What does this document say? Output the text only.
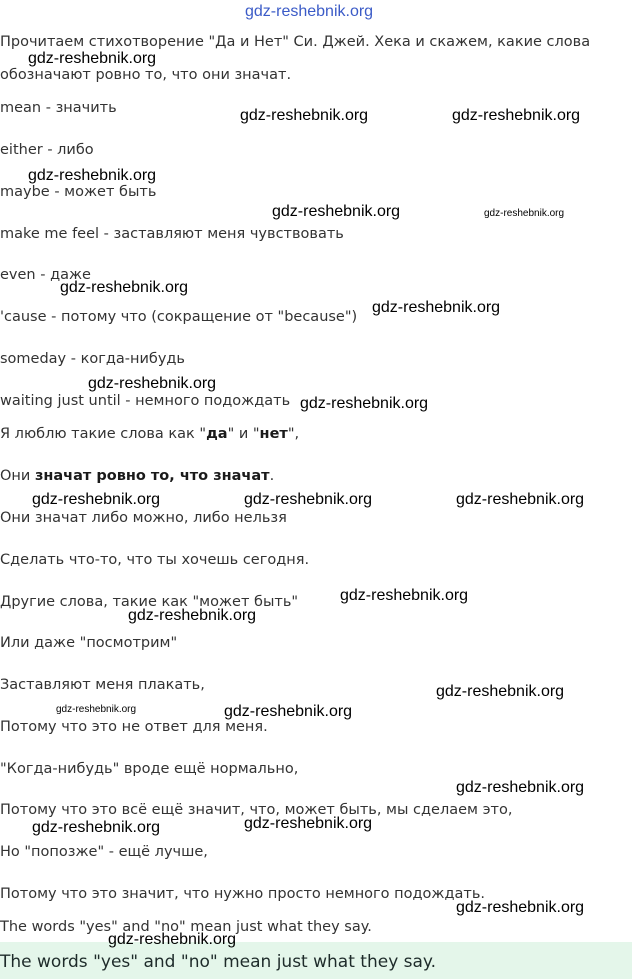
Прочитаем стихотворение "Да и Нет" Си. Джей. Хека и скажем, какие слова
обозначают ровно то, что они значат.
mean - значить
either - либо
maybe - может быть
make me feel - заставляют меня чувствовать
even - даже
'cause - потому что (сокращение от "because")
someday - когда-нибудь
waiting just until - немного подождать
Я люблю такие слова как "да" и "нет",
Они значат ровно то, что значат.
Они значат либо можно, либо нельзя
Сделать что-то, что ты хочешь сегодня.
Другие слова, такие как "может быть"
Или даже "посмотрим"
Заставляют меня плакать,
Потому что это не ответ для меня.
"Когда-нибудь" вроде ещё нормально,
Потому что это всё ещё значит, что, может быть, мы сделаем это,
Но "попозже" - ещё лучше,
Потому что это значит, что нужно просто немного подождать.
The words "yes" and "no" mean just what they say.
The words "yes" and "no" mean just what they say.
gdz-reshebnik.org
gdz-reshebnik.org
gdz-reshebnik.org	gdz-reshebnik.org
gdz-reshebnik.org
gdz-reshebnik.org	gdz-reshebnik.org
gdz-reshebnik.org
gdz-reshebnik.org
gdz-reshebnik.org
gdz-reshebnik.org
gdz-reshebnik.org	gdz-reshebnik.org	gdz-reshebnik.org
gdz-reshebnik.org
gdz-reshebnik.org
gdz-reshebnik.org
gdz-reshebnik.org	gdz-reshebnik.org
gdz-reshebnik.org
gdz-reshebnik.org	gdz-reshebnik.org
gdz-reshebnik.org
gdz-reshebnik.org
